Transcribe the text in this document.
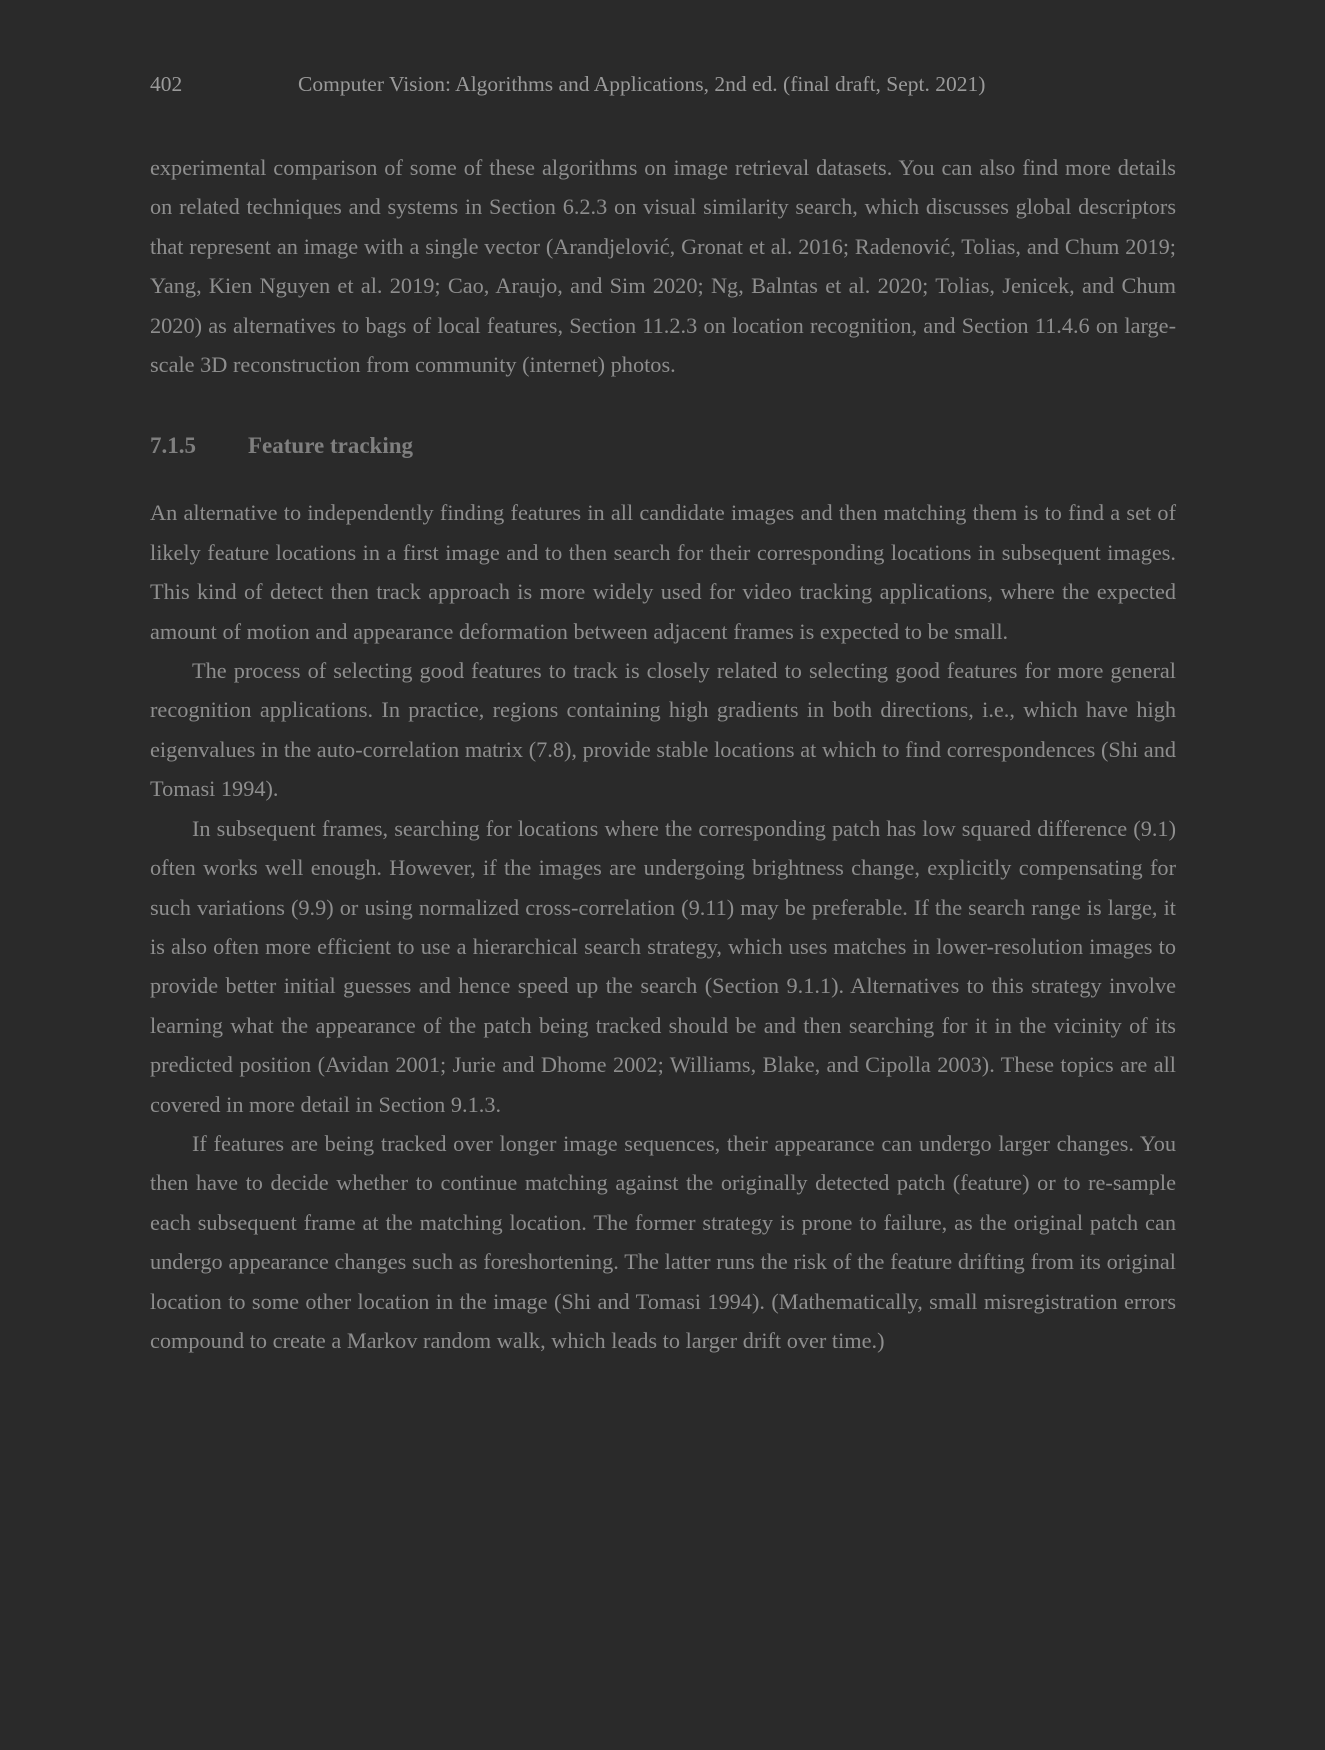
402	Computer Vision: Algorithms and Applications, 2nd ed. (final draft, Sept. 2021)

experimental comparison of some of these algorithms on image retrieval datasets. You can also find more details on related techniques and systems in Section 6.2.3 on visual similarity search, which discusses global descriptors that represent an image with a single vector (Arandjelović, Gronat et al. 2016; Radenović, Tolias, and Chum 2019; Yang, Kien Nguyen et al. 2019; Cao, Araujo, and Sim 2020; Ng, Balntas et al. 2020; Tolias, Jenicek, and Chum 2020) as alternatives to bags of local features, Section 11.2.3 on location recognition, and Section 11.4.6 on large-scale 3D reconstruction from community (internet) photos.

7.1.5 Feature tracking

An alternative to independently finding features in all candidate images and then matching them is to find a set of likely feature locations in a first image and to then search for their corresponding locations in subsequent images. This kind of detect then track approach is more widely used for video tracking applications, where the expected amount of motion and appearance deformation between adjacent frames is expected to be small.

The process of selecting good features to track is closely related to selecting good features for more general recognition applications. In practice, regions containing high gradients in both directions, i.e., which have high eigenvalues in the auto-correlation matrix (7.8), provide stable locations at which to find correspondences (Shi and Tomasi 1994).

In subsequent frames, searching for locations where the corresponding patch has low squared difference (9.1) often works well enough. However, if the images are undergoing brightness change, explicitly compensating for such variations (9.9) or using normalized cross-correlation (9.11) may be preferable. If the search range is large, it is also often more efficient to use a hierarchical search strategy, which uses matches in lower-resolution images to provide better initial guesses and hence speed up the search (Section 9.1.1). Alternatives to this strategy involve learning what the appearance of the patch being tracked should be and then searching for it in the vicinity of its predicted position (Avidan 2001; Jurie and Dhome 2002; Williams, Blake, and Cipolla 2003). These topics are all covered in more detail in Section 9.1.3.

If features are being tracked over longer image sequences, their appearance can undergo larger changes. You then have to decide whether to continue matching against the originally detected patch (feature) or to re-sample each subsequent frame at the matching location. The former strategy is prone to failure, as the original patch can undergo appearance changes such as foreshortening. The latter runs the risk of the feature drifting from its original location to some other location in the image (Shi and Tomasi 1994). (Mathematically, small misregistration errors compound to create a Markov random walk, which leads to larger drift over time.)
